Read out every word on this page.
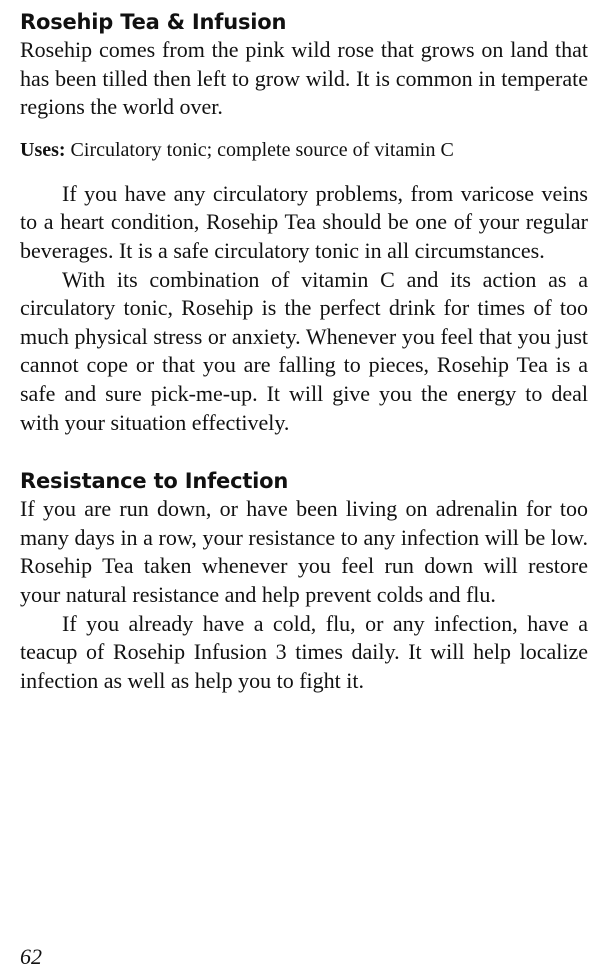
Rosehip Tea & Infusion

Rosehip comes from the pink wild rose that grows on land that has been tilled then left to grow wild. It is common in temperate regions the world over.

Uses: Circulatory tonic; complete source of vitamin C

If you have any circulatory problems, from varicose veins to a heart condition, Rosehip Tea should be one of your regular beverages. It is a safe circulatory tonic in all circumstances.

With its combination of vitamin C and its action as a circulatory tonic, Rosehip is the perfect drink for times of too much physical stress or anxiety. Whenever you feel that you just cannot cope or that you are falling to pieces, Rosehip Tea is a safe and sure pick-me-up. It will give you the energy to deal with your situation effectively.

Resistance to Infection

If you are run down, or have been living on adrenalin for too many days in a row, your resistance to any infection will be low. Rosehip Tea taken whenever you feel run down will restore your natural resistance and help prevent colds and flu.

If you already have a cold, flu, or any infection, have a teacup of Rosehip Infusion 3 times daily. It will help localize infection as well as help you to fight it.

62
